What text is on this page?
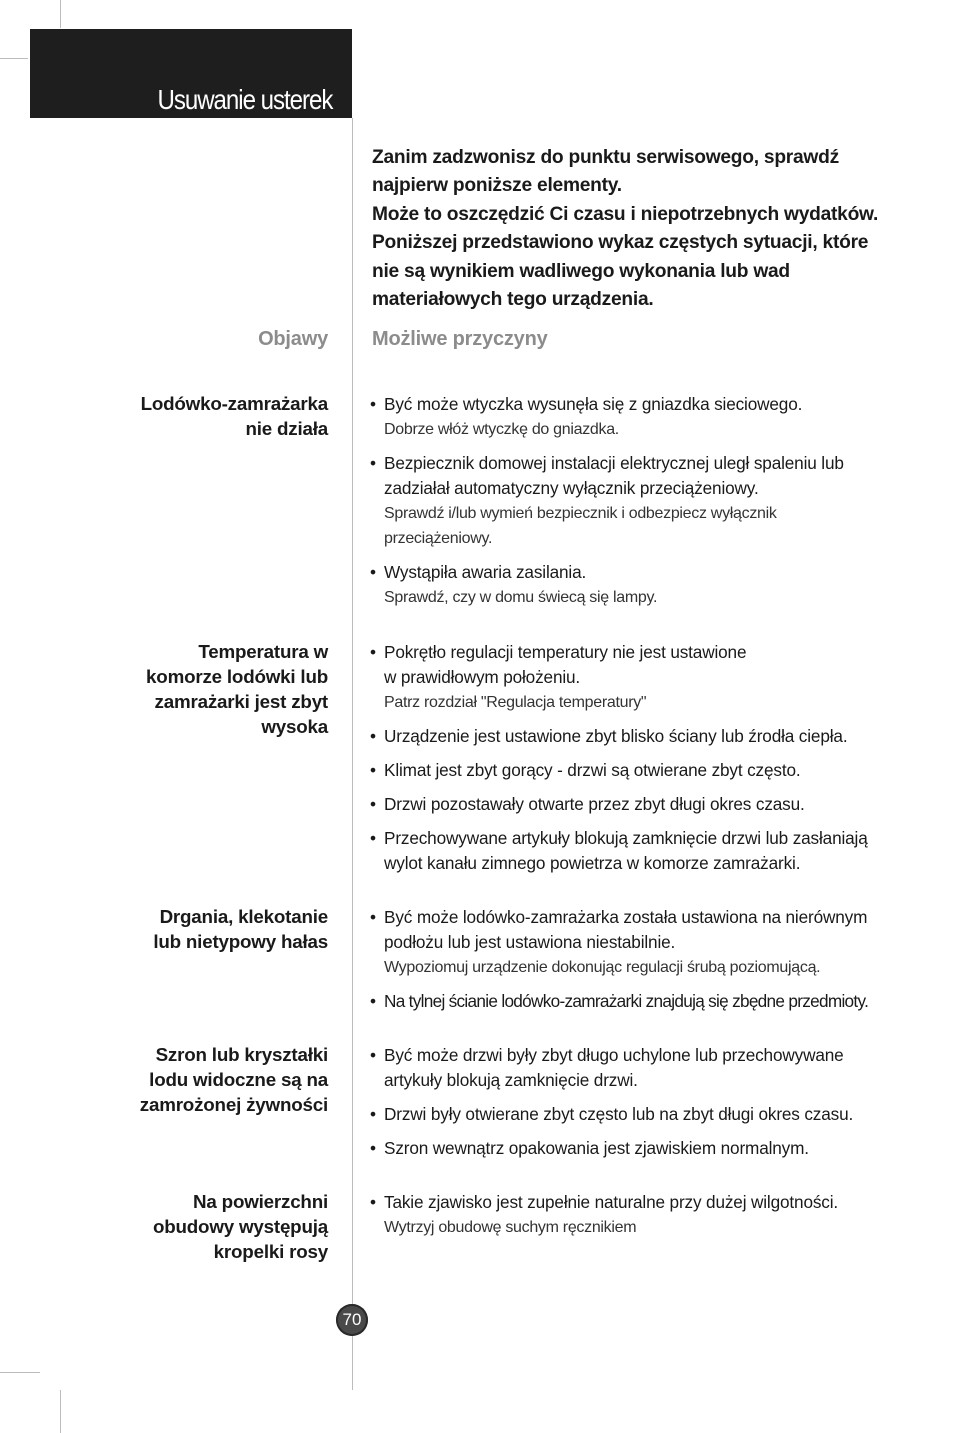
Usuwanie usterek

Zanim zadzwonisz do punktu serwisowego, sprawdź
najpierw poniższe elementy.
Może to oszczędzić Ci czasu i niepotrzebnych wydatków.
Poniższej przedstawiono wykaz częstych sytuacji, które
nie są wynikiem wadliwego wykonania lub wad
materiałowych tego urządzenia.

Objawy Możliwe przyczyny
Lodówko-zamrażarka
nie działa
• Być może wtyczka wysunęła się z gniazdka sieciowego.
Dobrze włóż wtyczkę do gniazdka.
• Bezpiecznik domowej instalacji elektrycznej uległ spaleniu lub
zadziałał automatyczny wyłącznik przeciążeniowy.
Sprawdź i/lub wymień bezpiecznik i odbezpiecz wyłącznik
przeciążeniowy.
• Wystąpiła awaria zasilania.
Sprawdź, czy w domu świecą się lampy.
Temperatura w
komorze lodówki lub
zamrażarki jest zbyt
wysoka
• Pokrętło regulacji temperatury nie jest ustawione
w prawidłowym położeniu.
Patrz rozdział "Regulacja temperatury"
• Urządzenie jest ustawione zbyt blisko ściany lub źrodła ciepła.
• Klimat jest zbyt gorący - drzwi są otwierane zbyt często.
• Drzwi pozostawały otwarte przez zbyt długi okres czasu.
• Przechowywane artykuły blokują zamknięcie drzwi lub zasłaniają
wylot kanału zimnego powietrza w komorze zamrażarki.
Drgania, klekotanie
lub nietypowy hałas
• Być może lodówko-zamrażarka została ustawiona na nierównym
podłożu lub jest ustawiona niestabilnie.
Wypoziomuj urządzenie dokonując regulacji śrubą poziomującą.
• Na tylnej ścianie lodówko-zamrażarki znajdują się zbędne przedmioty.
Szron lub kryształki
lodu widoczne są na
zamrożonej żywności
• Być może drzwi były zbyt długo uchylone lub przechowywane
artykuły blokują zamknięcie drzwi.
• Drzwi były otwierane zbyt często lub na zbyt długi okres czasu.
• Szron wewnątrz opakowania jest zjawiskiem normalnym.
Na powierzchni
obudowy występują
kropelki rosy
• Takie zjawisko jest zupełnie naturalne przy dużej wilgotności.
Wytrzyj obudowę suchym ręcznikiem
70
